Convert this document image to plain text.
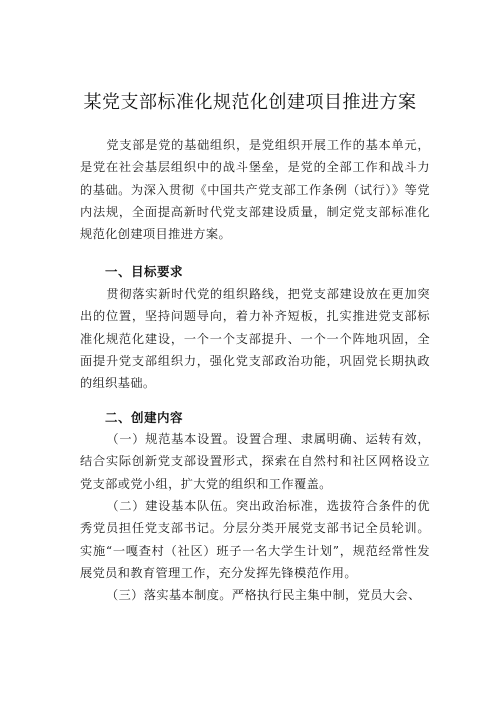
某党支部标准化规范化创建项目推进方案

党支部是党的基础组织，是党组织开展工作的基本单元，是党在社会基层组织中的战斗堡垒，是党的全部工作和战斗力的基础。为深入贯彻《中国共产党支部工作条例（试行）》等党内法规，全面提高新时代党支部建设质量，制定党支部标准化规范化创建项目推进方案。

一、目标要求

贯彻落实新时代党的组织路线，把党支部建设放在更加突出的位置，坚持问题导向，着力补齐短板，扎实推进党支部标准化规范化建设，一个一个支部提升、一个一个阵地巩固，全面提升党支部组织力，强化党支部政治功能，巩固党长期执政的组织基础。

二、创建内容

（一）规范基本设置。设置合理、隶属明确、运转有效，结合实际创新党支部设置形式，探索在自然村和社区网格设立党支部或党小组，扩大党的组织和工作覆盖。

（二）建设基本队伍。突出政治标准，选拔符合条件的优秀党员担任党支部书记。分层分类开展党支部书记全员轮训。实施“一嘎查村（社区）班子一名大学生计划”，规范经常性发展党员和教育管理工作，充分发挥先锋模范作用。

（三）落实基本制度。严格执行民主集中制，党员大会、
